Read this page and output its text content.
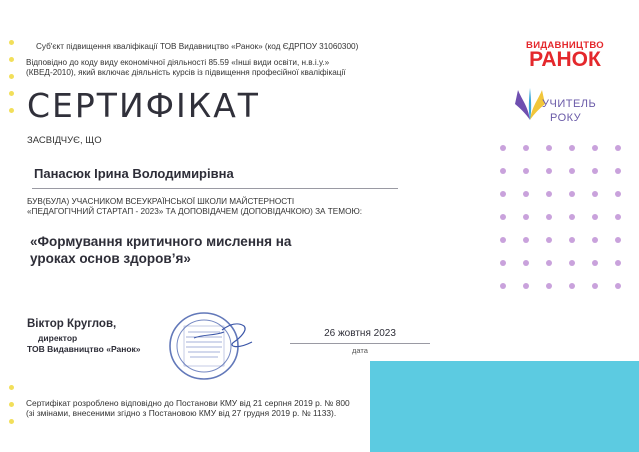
Суб'єкт підвищення кваліфікації ТОВ Видавництво «Ранок» (код ЄДРПОУ 31060300)
Відповідно до коду виду економічної діяльності 85.59 «Інші види освіти, н.в.і.у.»
(КВЕД-2010), який включає діяльність курсів із підвищення професійної кваліфікації
ВИДАВНИЦТВО
РАНОК
УЧИТЕЛЬ
РОКУ
СЕРТИФІКАТ
ЗАСВІДЧУЄ, ЩО
Панасюк Ірина Володимирівна
БУВ(БУЛА) УЧАСНИКОМ ВСЕУКРАЇНСЬКОЇ ШКОЛИ МАЙСТЕРНОСТІ
«ПЕДАГОГІЧНИЙ СТАРТАП - 2023» ТА ДОПОВІДАЧЕМ (ДОПОВІДАЧКОЮ) ЗА ТЕМОЮ:
«Формування критичного мислення на
уроках основ здоров’я»
Віктор Круглов,
директор
ТОВ Видавництво «Ранок»
26 жовтня 2023
дата
Сертифікат розроблено відповідно до Постанови КМУ від 21 серпня 2019 р. № 800
(зі змінами, внесеними згідно з Постановою КМУ від 27 грудня 2019 р. № 1133).
